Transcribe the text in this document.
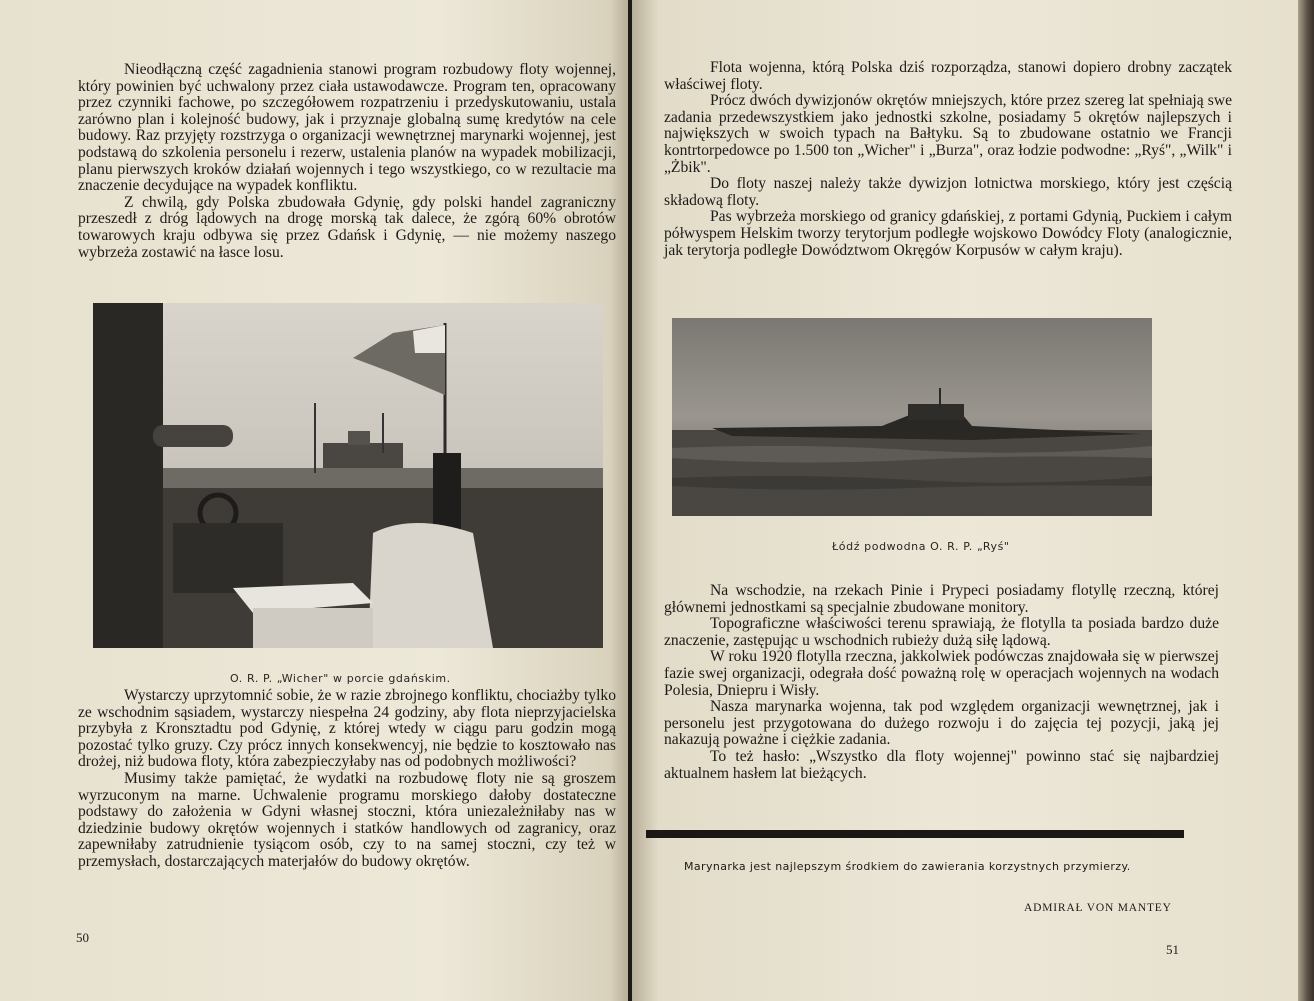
Nieodłączną część zagadnienia stanowi program rozbudowy floty wojennej, który powinien być uchwalony przez ciała ustawodawcze. Program ten, opracowany przez czynniki fachowe, po szczegółowem rozpatrzeniu i przedyskutowaniu, ustala zarówno plan i kolejność budowy, jak i przyznaje globalną sumę kredytów na cele budowy. Raz przyjęty rozstrzyga o organizacji wewnętrznej marynarki wojennej, jest podstawą do szkolenia personelu i rezerw, ustalenia planów na wypadek mobilizacji, planu pierwszych kroków działań wojennych i tego wszystkiego, co w rezultacie ma znaczenie decydujące na wypadek konfliktu.

Z chwilą, gdy Polska zbudowała Gdynię, gdy polski handel zagraniczny przeszedł z dróg lądowych na drogę morską tak dalece, że zgórą 60% obrotów towarowych kraju odbywa się przez Gdańsk i Gdynię, — nie możemy naszego wybrzeża zostawić na łasce losu.

O. R. P. „Wicher" w porcie gdańskim.

Wystarczy uprzytomnić sobie, że w razie zbrojnego konfliktu, chociażby tylko ze wschodnim sąsiadem, wystarczy niespełna 24 godziny, aby flota nieprzyjacielska przybyła z Kronsztadtu pod Gdynię, z której wtedy w ciągu paru godzin mogą pozostać tylko gruzy. Czy prócz innych konsekwencyj, nie będzie to kosztowało nas drożej, niż budowa floty, która zabezpieczyłaby nas od podobnych możliwości?

Musimy także pamiętać, że wydatki na rozbudowę floty nie są groszem wyrzuconym na marne. Uchwalenie programu morskiego dałoby dostateczne podstawy do założenia w Gdyni własnej stoczni, która uniezależniłaby nas w dziedzinie budowy okrętów wojennych i statków handlowych od zagranicy, oraz zapewniłaby zatrudnienie tysiącom osób, czy to na samej stoczni, czy też w przemysłach, dostarczających materjałów do budowy okrętów.

50

Flota wojenna, którą Polska dziś rozporządza, stanowi dopiero drobny zaczątek właściwej floty.

Prócz dwóch dywizjonów okrętów mniejszych, które przez szereg lat spełniają swe zadania przedewszystkiem jako jednostki szkolne, posiadamy 5 okrętów najlepszych i największych w swoich typach na Bałtyku. Są to zbudowane ostatnio we Francji kontrtorpedowce po 1.500 ton „Wicher" i „Burza", oraz łodzie podwodne: „Ryś", „Wilk" i „Żbik".

Do floty naszej należy także dywizjon lotnictwa morskiego, który jest częścią składową floty.

Pas wybrzeża morskiego od granicy gdańskiej, z portami Gdynią, Puckiem i całym półwyspem Helskim tworzy terytorjum podległe wojskowo Dowódcy Floty (analogicznie, jak terytorja podległe Dowództwom Okręgów Korpusów w całym kraju).

Łódź podwodna O. R. P. „Ryś"

Na wschodzie, na rzekach Pinie i Prypeci posiadamy flotyllę rzeczną, której głównemi jednostkami są specjalnie zbudowane monitory.

Topograficzne właściwości terenu sprawiają, że flotylla ta posiada bardzo duże znaczenie, zastępując u wschodnich rubieży dużą siłę lądową.

W roku 1920 flotylla rzeczna, jakkolwiek podówczas znajdowała się w pierwszej fazie swej organizacji, odegrała dość poważną rolę w operacjach wojennych na wodach Polesia, Dniepru i Wisły.

Nasza marynarka wojenna, tak pod względem organizacji wewnętrznej, jak i personelu jest przygotowana do dużego rozwoju i do zajęcia tej pozycji, jaką jej nakazują poważne i ciężkie zadania.

To też hasło: „Wszystko dla floty wojennej" powinno stać się najbardziej aktualnem hasłem lat bieżących.

Marynarka jest najlepszym środkiem do zawierania korzystnych przymierzy.
ADMIRAŁ VON MANTEY
51
